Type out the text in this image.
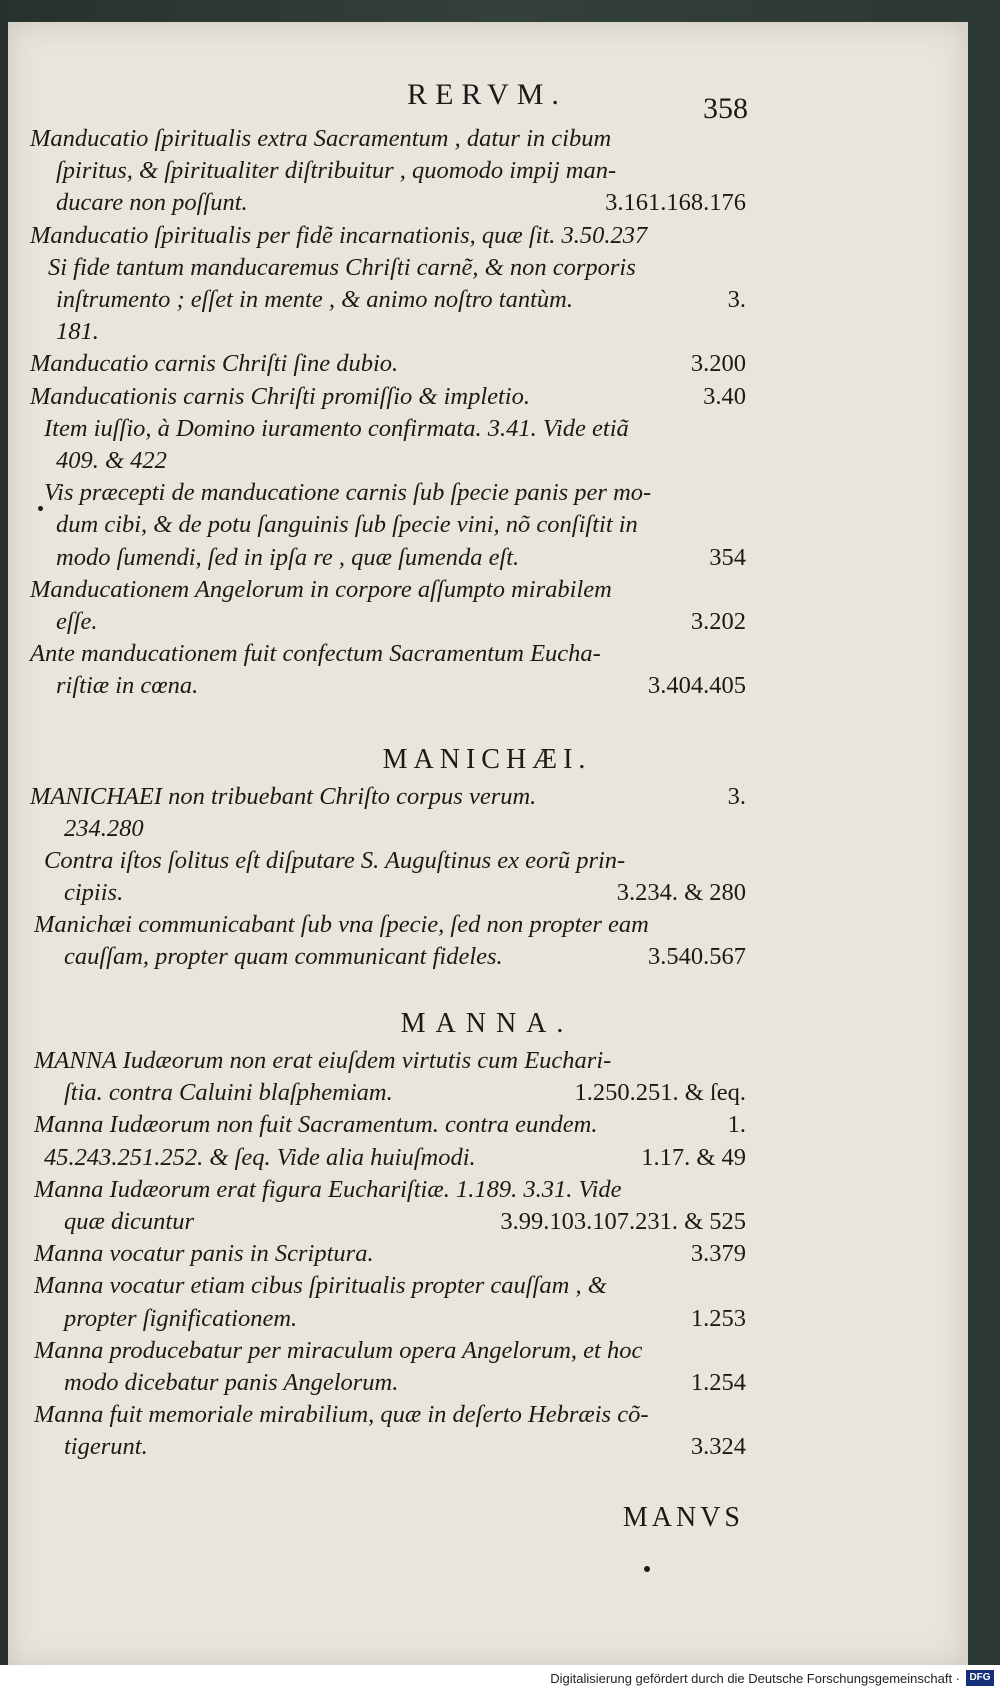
RERVM.	358
Manducatio ſpiritualis extra Sacramentum , datur in cibum
ſpiritus, & ſpiritualiter diſtribuitur , quomodo impij man-
ducare non poſſunt.	3.161.168.176
Manducatio ſpiritualis per fidẽ incarnationis, quæ ſit. 3.50.237
Si fide tantum manducaremus Chriſti carnẽ, & non corporis
inſtrumento ; eſſet in mente , & animo noſtro tantùm.	3.
181.
Manducatio carnis Chriſti ſine dubio.	3.200
Manducationis carnis Chriſti promiſſio & impletio.	3.40
Item iuſſio, à Domino iuramento confirmata. 3.41. Vide etiã
409. & 422
Vis præcepti de manducatione carnis ſub ſpecie panis per mo-
dum cibi, & de potu ſanguinis ſub ſpecie vini, nõ conſiſtit in
modo ſumendi, ſed in ipſa re , quæ ſumenda eſt.	354
Manducationem Angelorum in corpore aſſumpto mirabilem
eſſe.	3.202
Ante manducationem fuit confectum Sacramentum Eucha-
riſtiæ in cœna.	3.404.405
MANICHÆI.
MANICHAEI non tribuebant Chriſto corpus verum.	3.
234.280
Contra iſtos ſolitus eſt diſputare S. Auguſtinus ex eorũ prin-
cipiis.	3.234. & 280
Manichæi communicabant ſub vna ſpecie, ſed non propter eam
cauſſam, propter quam communicant fideles.	3.540.567
MANNA.
MANNA Iudæorum non erat eiuſdem virtutis cum Euchari-
ſtia. contra Caluini blaſphemiam.	1.250.251. & ſeq.
Manna Iudæorum non fuit Sacramentum. contra eundem.	1.
45.243.251.252. & ſeq. Vide alia huiuſmodi.	1.17. & 49
Manna Iudæorum erat figura Euchariſtiæ. 1.189. 3.31. Vide
quæ dicuntur	3.99.103.107.231. & 525
Manna vocatur panis in Scriptura.	3.379
Manna vocatur etiam cibus ſpiritualis propter cauſſam , &
propter ſignificationem.	1.253
Manna producebatur per miraculum opera Angelorum, et hoc
modo dicebatur panis Angelorum.	1.254
Manna fuit memoriale mirabilium, quæ in deſerto Hebræis cõ-
tigerunt.	3.324
MANVS
Digitalisierung gefördert durch die Deutsche Forschungsgemeinschaft · DFG
